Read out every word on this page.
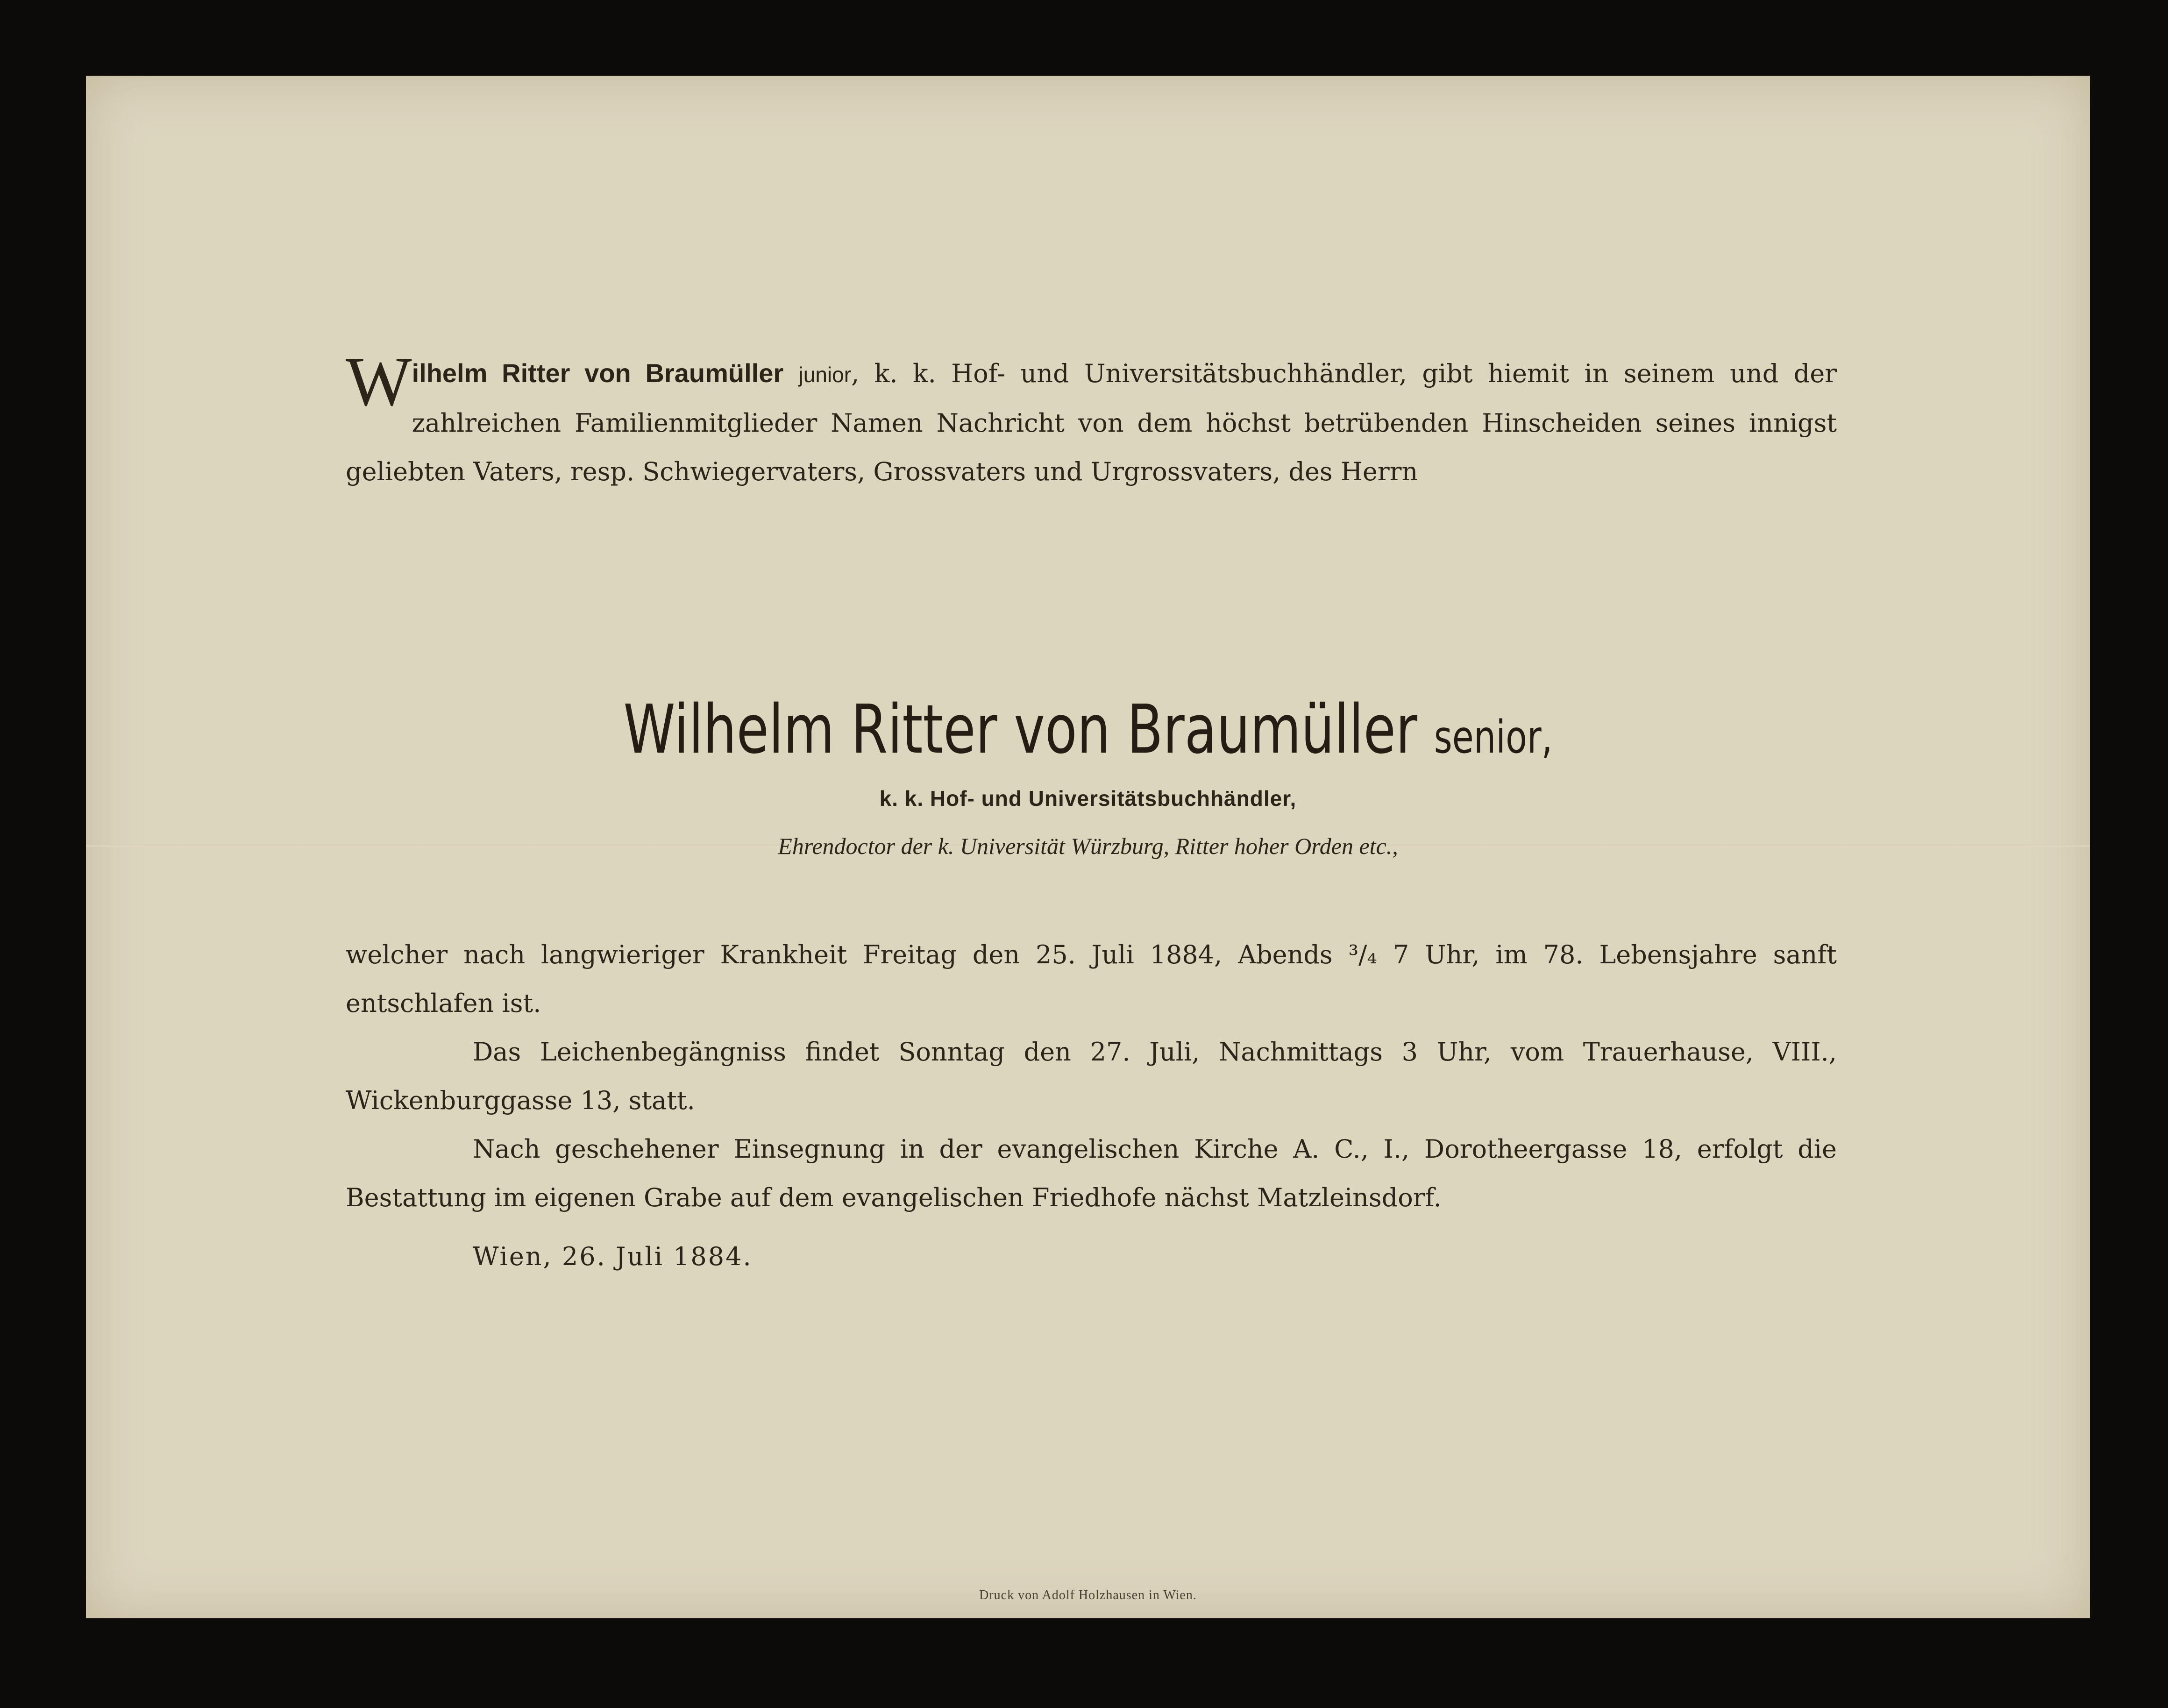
Wilhelm Ritter von Braumüller junior, k. k. Hof- und Universitätsbuchhändler, gibt hiemit in seinem und der zahlreichen Familienmitglieder Namen Nachricht von dem höchst betrübenden Hinscheiden seines innigst geliebten Vaters, resp. Schwiegervaters, Grossvaters und Urgrossvaters, des Herrn
Wilhelm Ritter von Braumüller senior,
k. k. Hof- und Universitätsbuchhändler,
Ehrendoctor der k. Universität Würzburg, Ritter hoher Orden etc.,

welcher nach langwieriger Krankheit Freitag den 25. Juli 1884, Abends ³/₄ 7 Uhr, im 78. Lebensjahre sanft entschlafen ist.

Das Leichenbegängniss findet Sonntag den 27. Juli, Nachmittags 3 Uhr, vom Trauerhause, VIII., Wickenburggasse 13, statt.

Nach geschehener Einsegnung in der evangelischen Kirche A. C., I., Dorotheergasse 18, erfolgt die Bestattung im eigenen Grabe auf dem evangelischen Friedhofe nächst Matzleinsdorf.

Wien, 26. Juli 1884.

Druck von Adolf Holzhausen in Wien.
